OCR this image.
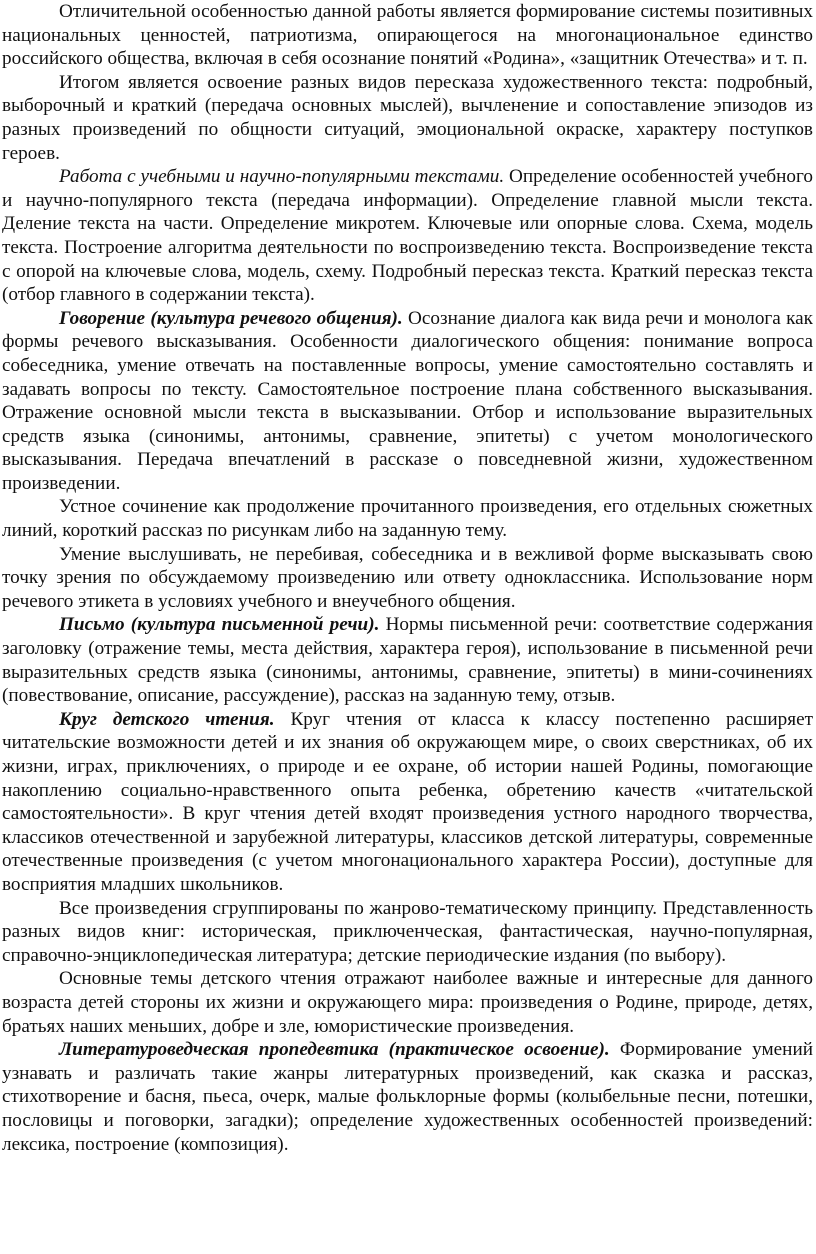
Отличительной особенностью данной работы является формирование системы позитивных национальных ценностей, патриотизма, опирающегося на многонациональное единство российского общества, включая в себя осознание понятий «Родина», «защитник Отечества» и т. п.

Итогом является освоение разных видов пересказа художественного текста: подробный, выборочный и краткий (передача основных мыслей), вычленение и сопоставление эпизодов из разных произведений по общности ситуаций, эмоциональной окраске, характеру поступков героев.

Работа с учебными и научно-популярными текстами. Определение особенностей учебного и научно-популярного текста (передача информации). Определение главной мысли текста. Деление текста на части. Определение микротем. Ключевые или опорные слова. Схема, модель текста. Построение алгоритма деятельности по воспроизведению текста. Воспроизведение текста с опорой на ключевые слова, модель, схему. Подробный пересказ текста. Краткий пересказ текста (отбор главного в содержании текста).

Говорение (культура речевого общения). Осознание диалога как вида речи и монолога как формы речевого высказывания. Особенности диалогического общения: понимание вопроса собеседника, умение отвечать на поставленные вопросы, умение самостоятельно составлять и задавать вопросы по тексту. Самостоятельное построение плана собственного высказывания. Отражение основной мысли текста в высказывании. Отбор и использование выразительных средств языка (синонимы, антонимы, сравнение, эпитеты) с учетом монологического высказывания. Передача впечатлений в рассказе о повседневной жизни, художественном произведении.

Устное сочинение как продолжение прочитанного произведения, его отдельных сюжетных линий, короткий рассказ по рисункам либо на заданную тему.

Умение выслушивать, не перебивая, собеседника и в вежливой форме высказывать свою точку зрения по обсуждаемому произведению или ответу одноклассника. Использование норм речевого этикета в условиях учебного и внеучебного общения.

Письмо (культура письменной речи). Нормы письменной речи: соответствие содержания заголовку (отражение темы, места действия, характера героя), использование в письменной речи выразительных средств языка (синонимы, антонимы, сравнение, эпитеты) в мини-сочинениях (повествование, описание, рассуждение), рассказ на заданную тему, отзыв.

Круг детского чтения. Круг чтения от класса к классу постепенно расширяет читательские возможности детей и их знания об окружающем мире, о своих сверстниках, об их жизни, играх, приключениях, о природе и ее охране, об истории нашей Родины, помогающие накоплению социально-нравственного опыта ребенка, обретению качеств «читательской самостоятельности». В круг чтения детей входят произведения устного народного творчества, классиков отечественной и зарубежной литературы, классиков детской литературы, современные отечественные произведения (с учетом многонационального характера России), доступные для восприятия младших школьников.

Все произведения сгруппированы по жанрово-тематическому принципу. Представленность разных видов книг: историческая, приключенческая, фантастическая, научно-популярная, справочно-энциклопедическая литература; детские периодические издания (по выбору).

Основные темы детского чтения отражают наиболее важные и интересные для данного возраста детей стороны их жизни и окружающего мира: произведения о Родине, природе, детях, братьях наших меньших, добре и зле, юмористические произведения.

Литературоведческая пропедевтика (практическое освоение). Формирование умений узнавать и различать такие жанры литературных произведений, как сказка и рассказ, стихотворение и басня, пьеса, очерк, малые фольклорные формы (колыбельные песни, потешки, пословицы и поговорки, загадки); определение художественных особенностей произведений: лексика, построение (композиция).
